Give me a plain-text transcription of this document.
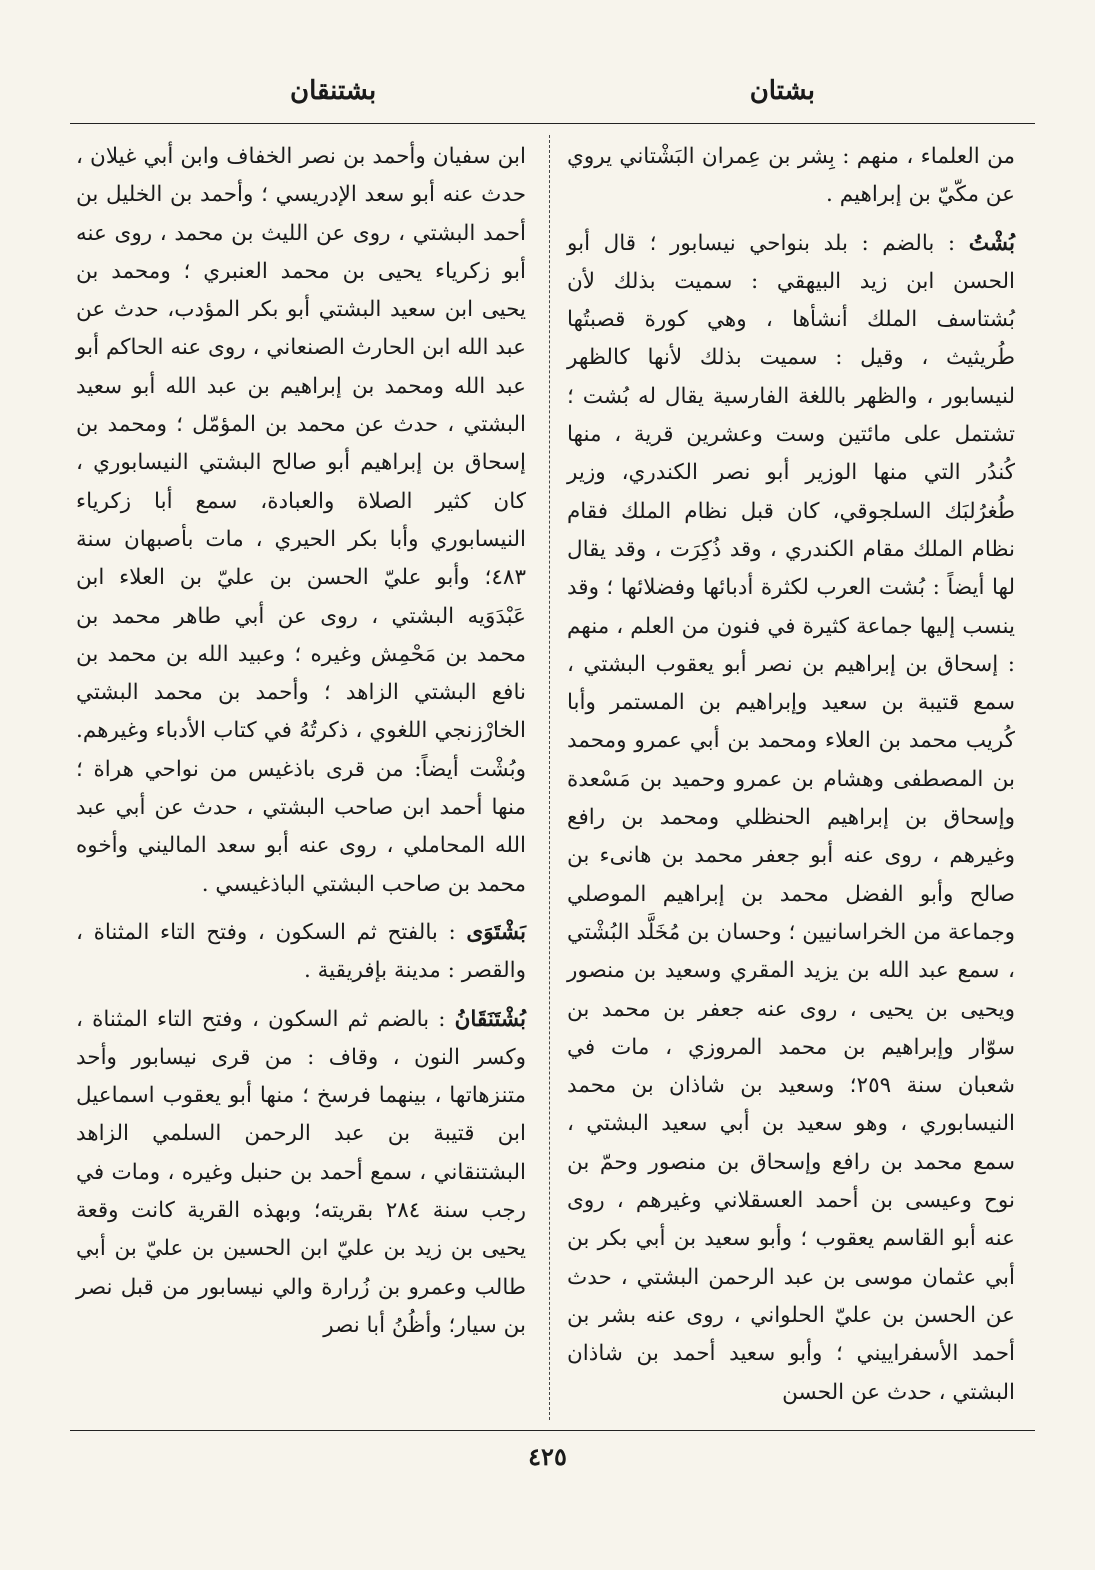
بشتان
بشتنقان

من العلماء ، منهم : بِشر بن عِمران البَشْتاني يروي عن مكّيّ بن إبراهيم .

بُشْتُ : بالضم : بلد بنواحي نيسابور ؛ قال أبو الحسن ابن زيد البيهقي : سميت بذلك لأن بُشتاسف الملك أنشأها ، وهي كورة قصبتُها طُريثيث ، وقيل : سميت بذلك لأنها كالظهر لنيسابور ، والظهر باللغة الفارسية يقال له بُشت ؛ تشتمل على مائتين وست وعشرين قرية ، منها كُندُر التي منها الوزير أبو نصر الكندري، وزير طُغرُلبَك السلجوقي، كان قبل نظام الملك فقام نظام الملك مقام الكندري ، وقد ذُكِرَت ، وقد يقال لها أيضاً : بُشت العرب لكثرة أدبائها وفضلائها ؛ وقد ينسب إليها جماعة كثيرة في فنون من العلم ، منهم : إسحاق بن إبراهيم بن نصر أبو يعقوب البشتي ، سمع قتيبة بن سعيد وإبراهيم بن المستمر وأبا كُريب محمد بن العلاء ومحمد بن أبي عمرو ومحمد بن المصطفى وهشام بن عمرو وحميد بن مَسْعدة وإسحاق بن إبراهيم الحنظلي ومحمد بن رافع وغيرهم ، روى عنه أبو جعفر محمد بن هانىء بن صالح وأبو الفضل محمد بن إبراهيم الموصلي وجماعة من الخراسانيين ؛ وحسان بن مُخَلَّد البُشْتي ، سمع عبد الله بن يزيد المقري وسعيد بن منصور ويحيى بن يحيى ، روى عنه جعفر بن محمد بن سوّار وإبراهيم بن محمد المروزي ، مات في شعبان سنة ٢٥٩؛ وسعيد بن شاذان بن محمد النيسابوري ، وهو سعيد بن أبي سعيد البشتي ، سمع محمد بن رافع وإسحاق بن منصور وحمّ بن نوح وعيسى بن أحمد العسقلاني وغيرهم ، روى عنه أبو القاسم يعقوب ؛ وأبو سعيد بن أبي بكر بن أبي عثمان موسى بن عبد الرحمن البشتي ، حدث عن الحسن بن عليّ الحلواني ، روى عنه بشر بن أحمد الأسفراييني ؛ وأبو سعيد أحمد بن شاذان البشتي ، حدث عن الحسن

ابن سفيان وأحمد بن نصر الخفاف وابن أبي غيلان ، حدث عنه أبو سعد الإدريسي ؛ وأحمد بن الخليل بن أحمد البشتي ، روى عن الليث بن محمد ، روى عنه أبو زكرياء يحيى بن محمد العنبري ؛ ومحمد بن يحيى ابن سعيد البشتي أبو بكر المؤدب، حدث عن عبد الله ابن الحارث الصنعاني ، روى عنه الحاكم أبو عبد الله ومحمد بن إبراهيم بن عبد الله أبو سعيد البشتي ، حدث عن محمد بن المؤمّل ؛ ومحمد بن إسحاق بن إبراهيم أبو صالح البشتي النيسابوري ، كان كثير الصلاة والعبادة، سمع أبا زكرياء النيسابوري وأبا بكر الحيري ، مات بأصبهان سنة ٤٨٣؛ وأبو عليّ الحسن بن عليّ بن العلاء ابن عَبْدَوَيه البشتي ، روى عن أبي طاهر محمد بن محمد بن مَحْمِش وغيره ؛ وعبيد الله بن محمد بن نافع البشتي الزاهد ؛ وأحمد بن محمد البشتي الخارْزنجي اللغوي ، ذكرتُهُ في كتاب الأدباء وغيرهم. وبُشْت أيضاً: من قرى باذغيس من نواحي هراة ؛ منها أحمد ابن صاحب البشتي ، حدث عن أبي عبد الله المحاملي ، روى عنه أبو سعد الماليني وأخوه محمد بن صاحب البشتي الباذغيسي .

بَشْتَوَى : بالفتح ثم السكون ، وفتح التاء المثناة ، والقصر : مدينة بإفريقية .

بُشْتَنَقَانُ : بالضم ثم السكون ، وفتح التاء المثناة ، وكسر النون ، وقاف : من قرى نيسابور وأحد متنزهاتها ، بينهما فرسخ ؛ منها أبو يعقوب اسماعيل ابن قتيبة بن عبد الرحمن السلمي الزاهد البشتنقاني ، سمع أحمد بن حنبل وغيره ، ومات في رجب سنة ٢٨٤ بقريته؛ وبهذه القرية كانت وقعة يحيى بن زيد بن عليّ ابن الحسين بن عليّ بن أبي طالب وعمرو بن زُرارة والي نيسابور من قبل نصر بن سيار؛ وأظُنُ أبا نصر

٤٢٥
